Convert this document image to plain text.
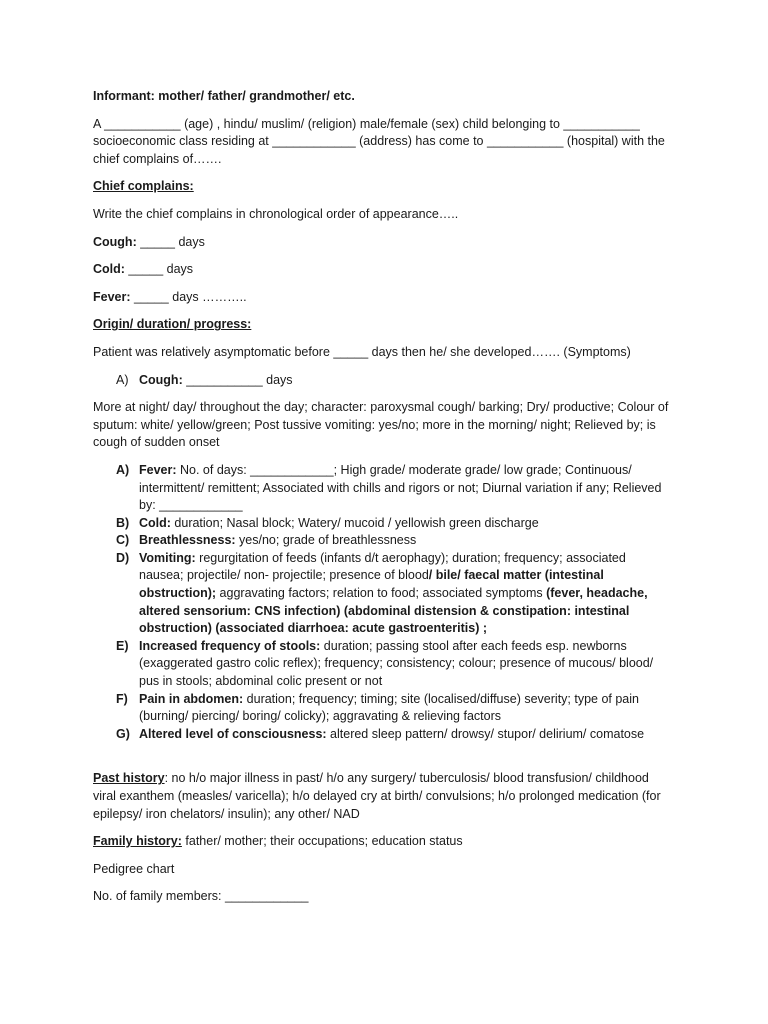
Informant: mother/ father/ grandmother/ etc.

A ___________ (age) , hindu/ muslim/ (religion) male/female (sex) child belonging to ___________ socioeconomic class residing at ____________ (address) has come to ___________ (hospital) with the chief complains of…….

Chief complains:

Write the chief complains in chronological order of appearance…..

Cough: _____ days

Cold: _____ days

Fever: _____ days ………..

Origin/ duration/ progress:

Patient was relatively asymptomatic before _____ days then he/ she developed……. (Symptoms)

A) Cough: ___________ days

More at night/ day/ throughout the day; character: paroxysmal cough/ barking; Dry/ productive; Colour of sputum: white/ yellow/green; Post tussive vomiting: yes/no; more in the morning/ night; Relieved by; is cough of sudden onset

A) Fever: No. of days: ____________; High grade/ moderate grade/ low grade; Continuous/ intermittent/ remittent; Associated with chills and rigors or not; Diurnal variation if any; Relieved by: ____________
B) Cold: duration; Nasal block; Watery/ mucoid / yellowish green discharge
C) Breathlessness: yes/no; grade of breathlessness
D) Vomiting: regurgitation of feeds (infants d/t aerophagy); duration; frequency; associated nausea; projectile/ non- projectile; presence of blood/ bile/ faecal matter (intestinal obstruction); aggravating factors; relation to food; associated symptoms (fever, headache, altered sensorium: CNS infection) (abdominal distension & constipation: intestinal obstruction) (associated diarrhoea: acute gastroenteritis) ;
E) Increased frequency of stools: duration; passing stool after each feeds esp. newborns (exaggerated gastro colic reflex); frequency; consistency; colour; presence of mucous/ blood/ pus in stools; abdominal colic present or not
F) Pain in abdomen: duration; frequency; timing; site (localised/diffuse) severity; type of pain (burning/ piercing/ boring/ colicky); aggravating & relieving factors
G) Altered level of consciousness: altered sleep pattern/ drowsy/ stupor/ delirium/ comatose

Past history: no h/o major illness in past/ h/o any surgery/ tuberculosis/ blood transfusion/ childhood viral exanthem (measles/ varicella); h/o delayed cry at birth/ convulsions; h/o prolonged medication (for epilepsy/ iron chelators/ insulin); any other/ NAD

Family history: father/ mother; their occupations; education status

Pedigree chart

No. of family members: ____________
